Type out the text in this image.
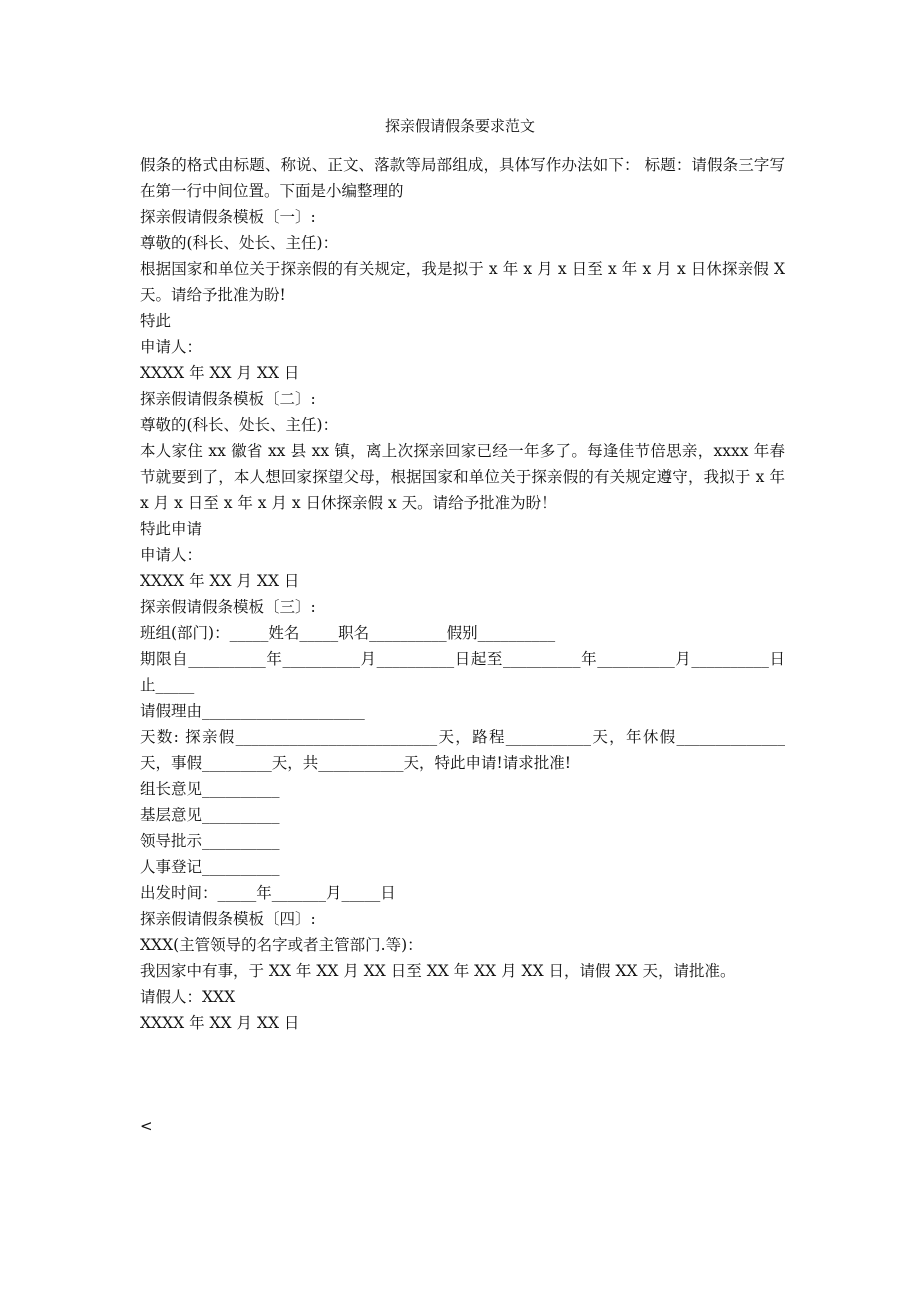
探亲假请假条要求范文

假条的格式由标题、称说、正文、落款等局部组成，具体写作办法如下： 标题：请假条三字写在第一行中间位置。下面是小编整理的

探亲假请假条模板〔一〕:

尊敬的(科长、处长、主任)：

根据国家和单位关于探亲假的有关规定，我是拟于 x 年 x 月 x 日至 x 年 x 月 x 日休探亲假 X 天。请给予批准为盼!

特此

申请人：

XXXX 年 XX 月 XX 日

探亲假请假条模板〔二〕:

尊敬的(科长、处长、主任)：

本人家住 xx 徽省 xx 县 xx 镇，离上次探亲回家已经一年多了。每逢佳节倍思亲，xxxx 年春节就要到了，本人想回家探望父母，根据国家和单位关于探亲假的有关规定遵守，我拟于 x 年 x 月 x 日至 x 年 x 月 x 日休探亲假 x 天。请给予批准为盼！

特此申请

申请人：

XXXX 年 XX 月 XX 日

探亲假请假条模板〔三〕:

班组(部门)：_____姓名_____职名__________假别__________

期限自__________年__________月__________日起至__________年__________月__________日止_____

请假理由_____________________

天数: 探亲假__________________________天，路程___________天，年休假______________天，事假_________天，共___________天，特此申请!请求批准!

组长意见__________

基层意见__________

领导批示__________

人事登记__________

出发时间：_____年_______月_____日

探亲假请假条模板〔四〕:

XXX(主管领导的名字或者主管部门.等)：

我因家中有事，于 XX 年 XX 月 XX 日至 XX 年 XX 月 XX 日，请假 XX 天，请批准。

请假人：XXX

XXXX 年 XX 月 XX 日

<
